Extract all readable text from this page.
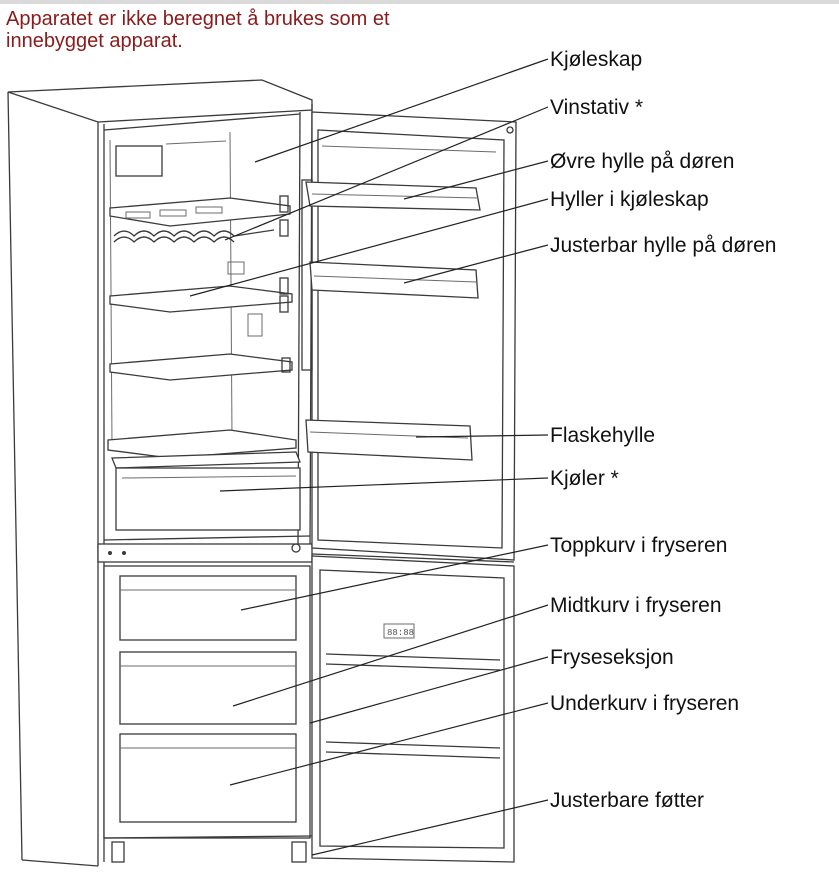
Apparatet er ikke beregnet å brukes som et
innebygget apparat.

88:88
Kjøleskap
Vinstativ *
Øvre hylle på døren
Hyller i kjøleskap
Justerbar hylle på døren
Flaskehylle
Kjøler *
Toppkurv i fryseren
Midtkurv i fryseren
Fryseseksjon
Underkurv i fryseren
Justerbare føtter
